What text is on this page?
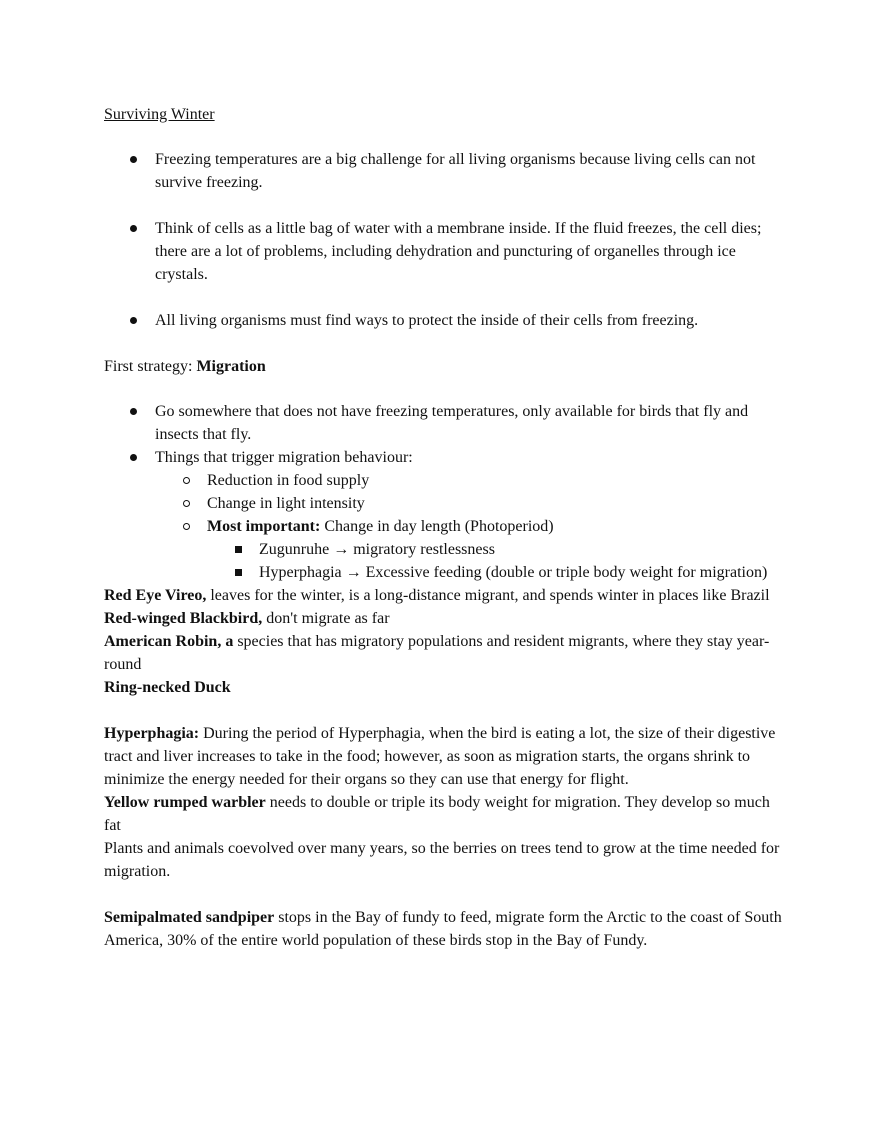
Surviving Winter

Freezing temperatures are a big challenge for all living organisms because living cells can not survive freezing.
Think of cells as a little bag of water with a membrane inside. If the fluid freezes, the cell dies; there are a lot of problems, including dehydration and puncturing of organelles through ice crystals.
All living organisms must find ways to protect the inside of their cells from freezing.

First strategy: Migration

Go somewhere that does not have freezing temperatures, only available for birds that fly and insects that fly.
Things that trigger migration behaviour:
Reduction in food supply
Change in light intensity
Most important: Change in day length (Photoperiod)
Zugunruhe → migratory restlessness
Hyperphagia → Excessive feeding (double or triple body weight for migration)

Red Eye Vireo, leaves for the winter, is a long-distance migrant, and spends winter in places like Brazil

Red-winged Blackbird, don't migrate as far

American Robin, a species that has migratory populations and resident migrants, where they stay year-round

Ring-necked Duck

Hyperphagia: During the period of Hyperphagia, when the bird is eating a lot, the size of their digestive tract and liver increases to take in the food; however, as soon as migration starts, the organs shrink to minimize the energy needed for their organs so they can use that energy for flight.

Yellow rumped warbler needs to double or triple its body weight for migration. They develop so much fat

Plants and animals coevolved over many years, so the berries on trees tend to grow at the time needed for migration.

Semipalmated sandpiper stops in the Bay of fundy to feed, migrate form the Arctic to the coast of South America, 30% of the entire world population of these birds stop in the Bay of Fundy.
